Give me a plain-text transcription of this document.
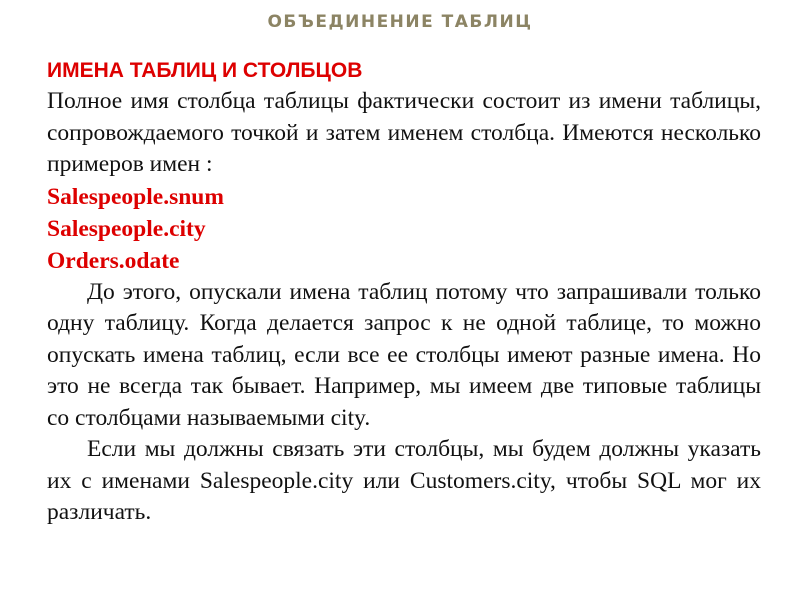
ОБЪЕДИНЕНИЕ ТАБЛИЦ
ИМЕНА ТАБЛИЦ И СТОЛБЦОВ

Полное имя столбца таблицы фактически состоит из имени таблицы, сопровождаемого точкой и затем именем столбца. Имеются несколько примеров имен :

Salespeople.snum
Salespeople.city
Orders.odate

До этого, опускали имена таблиц потому что запрашивали только одну таблицу. Когда делается запрос к не одной таблице, то можно опускать имена таблиц, если все ее столбцы имеют разные имена. Но это не всегда так бывает. Например, мы имеем две типовые таблицы со столбцами называемыми city.

Если мы должны связать эти столбцы, мы будем должны указать их с именами Salespeople.city или Customers.city, чтобы SQL мог их различать.
